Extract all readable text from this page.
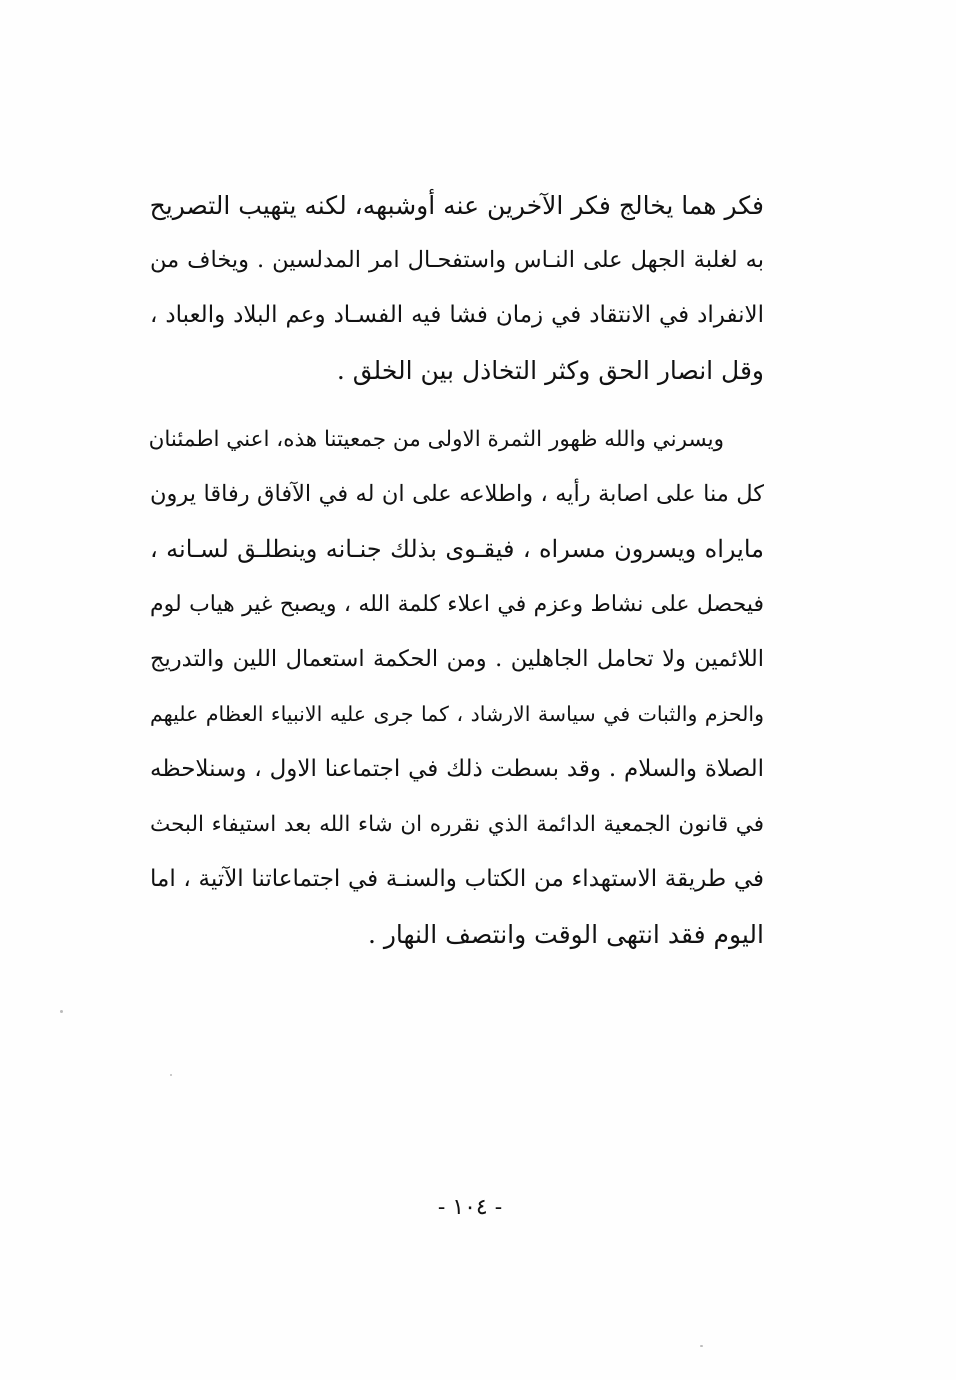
فكر هما يخالج فكر الآخرين عنه أوشبهه، لكنه يتهيب التصريح
به لغلبة الجهل على النـاس واستفحـال امر المدلسين . ويخاف من
الانفراد في الانتقاد في زمان فشا فيه الفسـاد وعم البلاد والعباد ،
وقل انصار الحق وكثر التخاذل بين الخلق .
ويسرني والله ظهور الثمرة الاولى من جمعيتنا هذه، اعني اطمئنان
كل منا على اصابة رأيه ، واطلاعه على ان له في الآفاق رفاقا يرون
مايراه ويسرون مسراه ، فيقـوى بذلك جنـانه وينطلـق لسـانه ،
فيحصل على نشاط وعزم في اعلاء كلمة الله ، ويصبح غير هياب لوم
اللائمين ولا تحامل الجاهلين . ومن الحكمة استعمال اللين والتدريج
والحزم والثبات في سياسة الارشاد ، كما جرى عليه الانبياء العظام عليهم
الصلاة والسلام . وقد بسطت ذلك في اجتماعنا الاول ، وسنلاحظه
في قانون الجمعية الدائمة الذي نقرره ان شاء الله بعد استيفاء البحث
في طريقة الاستهداء من الكتاب والسنـة في اجتماعاتنا الآتية ، اما
اليوم فقد انتهى الوقت وانتصف النهار .
- ١٠٤ -
